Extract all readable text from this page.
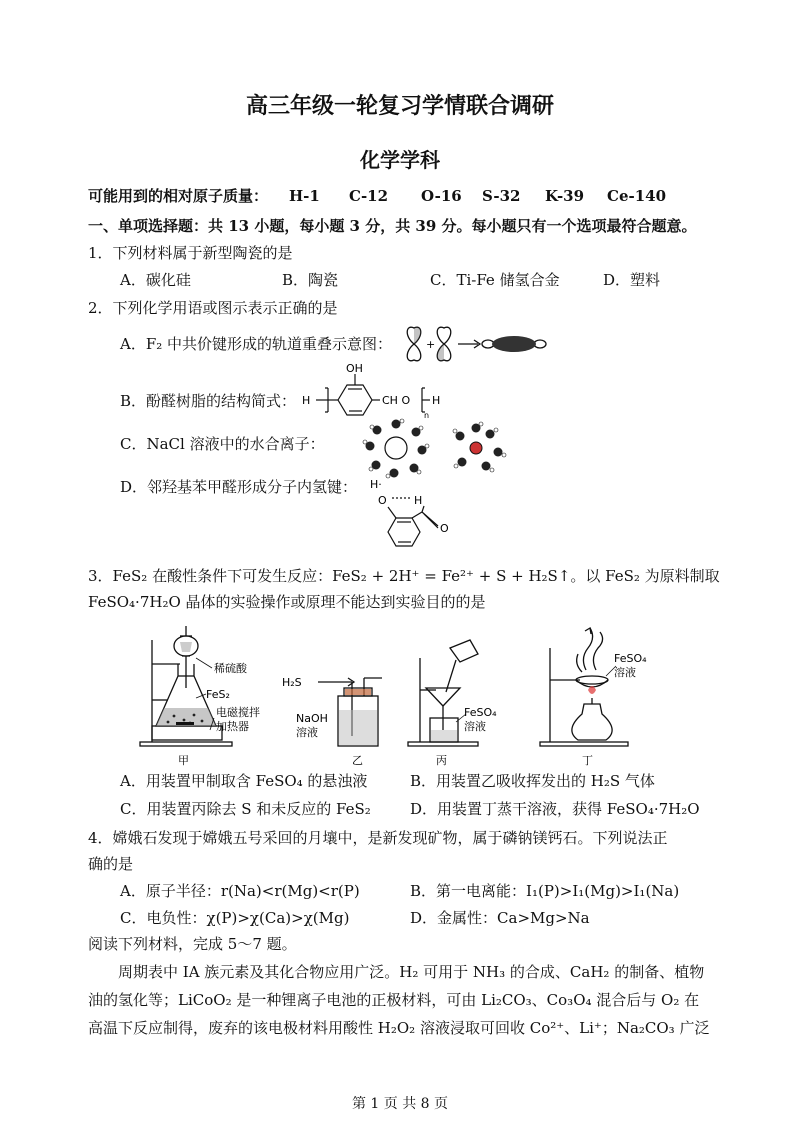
高三年级一轮复习学情联合调研
化学学科
可能用到的相对原子质量： H-1 C-12 O-16 S-32 K-39 Ce-140
一、单项选择题：共 13 小题，每小题 3 分，共 39 分。每小题只有一个选项最符合题意。
1．下列材料属于新型陶瓷的是
A．碳化硅	B．陶瓷	C．Ti-Fe 储氢合金	D．塑料
2．下列化学用语或图示表示正确的是
A．F₂ 中共价键形成的轨道重叠示意图：	+
B．酚醛树脂的结构简式：
OH
H	CH O
n
H
C．NaCl 溶液中的水合离子：
D．邻羟基苯甲醛形成分子内氢键： H·
O H
O
3．FeS₂ 在酸性条件下可发生反应：FeS₂ + 2H⁺ = Fe²⁺ + S + H₂S↑。以 FeS₂ 为原料制取
FeSO₄·7H₂O 晶体的实验操作或原理不能达到实验目的的是
稀硫酸
FeS₂
电磁搅拌
加热器
甲
H₂S
NaOH
溶液
乙
FeSO₄
溶液
丙
FeSO₄
溶液
丁
A．用装置甲制取含 FeSO₄ 的悬浊液	B．用装置乙吸收挥发出的 H₂S 气体
C．用装置丙除去 S 和未反应的 FeS₂	D．用装置丁蒸干溶液，获得 FeSO₄·7H₂O
4．嫦娥石发现于嫦娥五号采回的月壤中，是新发现矿物，属于磷钠镁钙石。下列说法正
确的是
A．原子半径：r(Na)<r(Mg)<r(P)	B．第一电离能：I₁(P)>I₁(Mg)>I₁(Na)
C．电负性：χ(P)>χ(Ca)>χ(Mg)	D．金属性：Ca>Mg>Na
阅读下列材料，完成 5～7 题。
周期表中 IA 族元素及其化合物应用广泛。H₂ 可用于 NH₃ 的合成、CaH₂ 的制备、植物
油的氢化等；LiCoO₂ 是一种锂离子电池的正极材料，可由 Li₂CO₃、Co₃O₄ 混合后与 O₂ 在
高温下反应制得，废弃的该电极材料用酸性 H₂O₂ 溶液浸取可回收 Co²⁺、Li⁺；Na₂CO₃ 广泛
第 1 页 共 8 页
